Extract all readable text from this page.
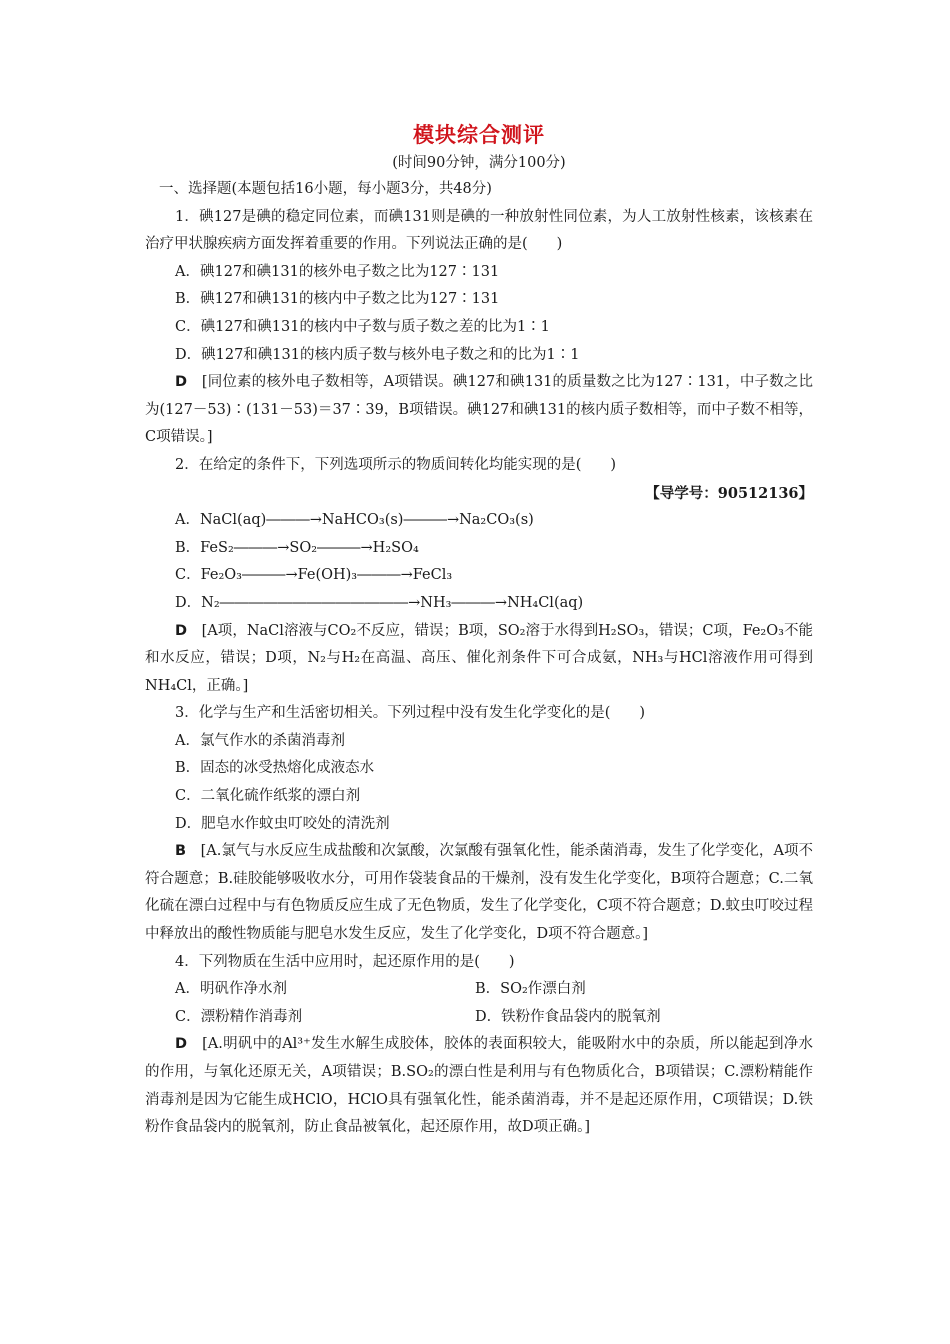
模块综合测评
(时间90分钟，满分100分)
一、选择题(本题包括16小题，每小题3分，共48分)
1．碘127是碘的稳定同位素，而碘131则是碘的一种放射性同位素，为人工放射性核素，该核素在治疗甲状腺疾病方面发挥着重要的作用。下列说法正确的是(　　)
A．碘127和碘131的核外电子数之比为127∶131
B．碘127和碘131的核内中子数之比为127∶131
C．碘127和碘131的核内中子数与质子数之差的比为1∶1
D．碘127和碘131的核内质子数与核外电子数之和的比为1∶1
D　 [同位素的核外电子数相等，A项错误。碘127和碘131的质量数之比为127∶131，中子数之比为(127－53)∶(131－53)＝37∶39，B项错误。碘127和碘131的核内质子数相等，而中子数不相等，C项错误。]
2．在给定的条件下，下列选项所示的物质间转化均能实现的是(　　)
【导学号：90512136】
A．NaCl(aq)―――→NaHCO₃(s)―――→Na₂CO₃(s)
B．FeS₂―――→SO₂―――→H₂SO₄
C．Fe₂O₃―――→Fe(OH)₃―――→FeCl₃
D．N₂―――――――――――――→NH₃―――→NH₄Cl(aq)
D　 [A项，NaCl溶液与CO₂不反应，错误；B项，SO₂溶于水得到H₂SO₃，错误；C项，Fe₂O₃不能和水反应，错误；D项，N₂与H₂在高温、高压、催化剂条件下可合成氨，NH₃与HCl溶液作用可得到NH₄Cl，正确。]
3．化学与生产和生活密切相关。下列过程中没有发生化学变化的是(　　)
A．氯气作水的杀菌消毒剂
B．固态的冰受热熔化成液态水
C．二氧化硫作纸浆的漂白剂
D．肥皂水作蚊虫叮咬处的清洗剂
B　 [A.氯气与水反应生成盐酸和次氯酸，次氯酸有强氧化性，能杀菌消毒，发生了化学变化，A项不符合题意；B.硅胶能够吸收水分，可用作袋装食品的干燥剂，没有发生化学变化，B项符合题意；C.二氧化硫在漂白过程中与有色物质反应生成了无色物质，发生了化学变化，C项不符合题意；D.蚊虫叮咬过程中释放出的酸性物质能与肥皂水发生反应，发生了化学变化，D项不符合题意。]
4．下列物质在生活中应用时，起还原作用的是(　　)
A．明矾作净水剂	B．SO₂作漂白剂
C．漂粉精作消毒剂	D．铁粉作食品袋内的脱氧剂
D　 [A.明矾中的Al³⁺发生水解生成胶体，胶体的表面积较大，能吸附水中的杂质，所以能起到净水的作用，与氧化还原无关，A项错误；B.SO₂的漂白性是利用与有色物质化合，B项错误；C.漂粉精能作消毒剂是因为它能生成HClO，HClO具有强氧化性，能杀菌消毒，并不是起还原作用，C项错误；D.铁粉作食品袋内的脱氧剂，防止食品被氧化，起还原作用，故D项正确。]
